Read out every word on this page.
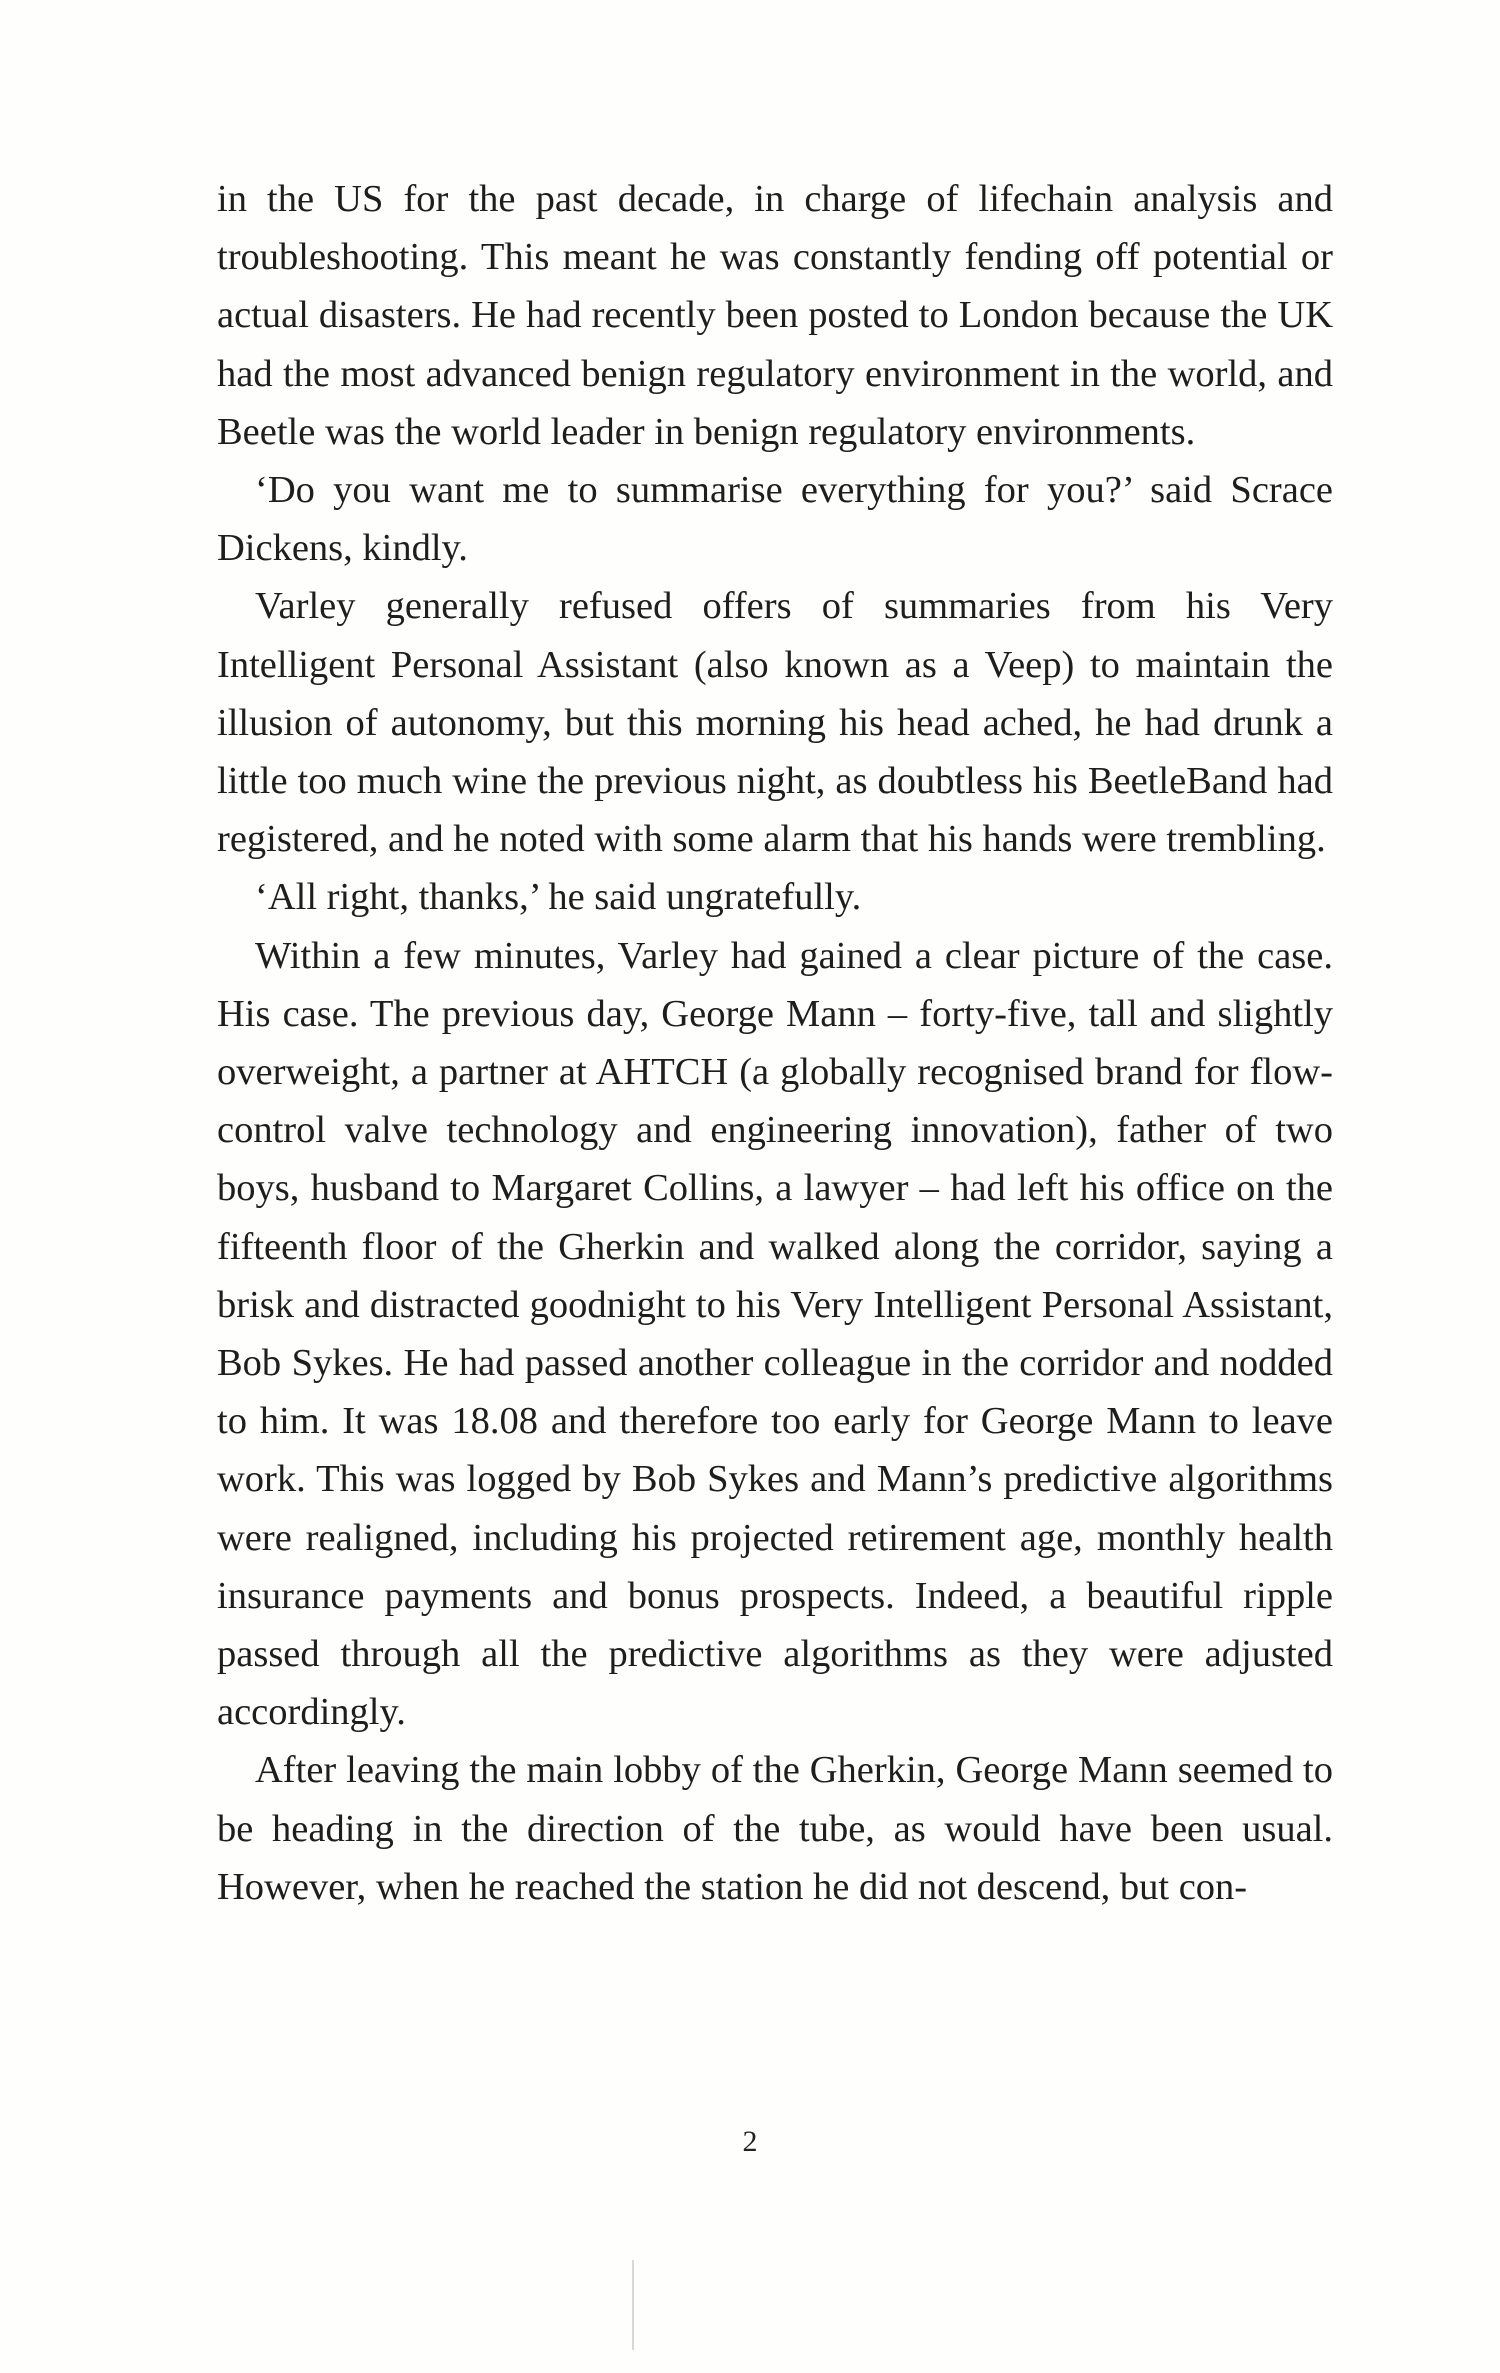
in the US for the past decade, in charge of lifechain analysis and troubleshooting. This meant he was constantly fending off potential or actual disasters. He had recently been posted to London because the UK had the most advanced benign regulatory environment in the world, and Beetle was the world leader in benign regulatory environments.

‘Do you want me to summarise everything for you?’ said Scrace Dickens, kindly.

Varley generally refused offers of summaries from his Very Intelligent Personal Assistant (also known as a Veep) to maintain the illusion of autonomy, but this morning his head ached, he had drunk a little too much wine the previous night, as doubtless his BeetleBand had registered, and he noted with some alarm that his hands were trembling.

‘All right, thanks,’ he said ungratefully.

Within a few minutes, Varley had gained a clear picture of the case. His case. The previous day, George Mann – forty-five, tall and slightly overweight, a partner at AHTCH (a globally recognised brand for flow-control valve technology and engineering innovation), father of two boys, husband to Margaret Collins, a lawyer – had left his office on the fifteenth floor of the Gherkin and walked along the corridor, saying a brisk and distracted goodnight to his Very Intelligent Personal Assistant, Bob Sykes. He had passed another colleague in the corridor and nodded to him. It was 18.08 and therefore too early for George Mann to leave work. This was logged by Bob Sykes and Mann’s predictive algorithms were realigned, including his projected retirement age, monthly health insurance payments and bonus prospects. Indeed, a beautiful ripple passed through all the predictive algorithms as they were adjusted accordingly.

After leaving the main lobby of the Gherkin, George Mann seemed to be heading in the direction of the tube, as would have been usual. However, when he reached the station he did not descend, but con-

2
